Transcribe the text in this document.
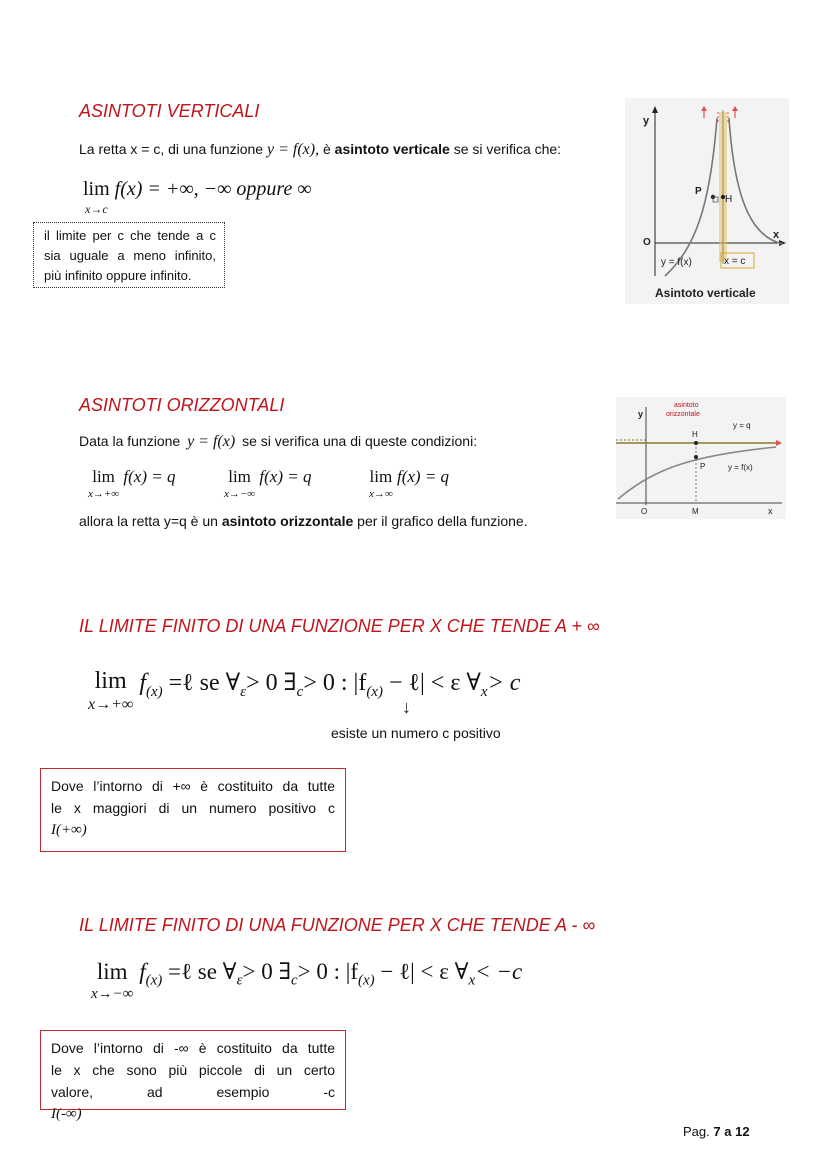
ASINTOTI VERTICALI
La retta x = c, di una funzione y = f(x), è asintoto verticale se si verifica che:
lim
x→c
f(x) = +∞, −∞ oppure ∞
il limite per c che tende a c
sia uguale a meno infinito,
più infinito oppure infinito.
P
H
y
x
O
y = f(x)	x = c
Asintoto verticale
ASINTOTI ORIZZONTALI
Data la funzione y = f(x) se si verifica una di queste condizioni:
lim
x→+∞
f(x) = q	lim
x→−∞
f(x) = q	lim
x→∞
f(x) = q
allora la retta y=q è un asintoto orizzontale per il grafico della funzione.
asintoto
orizzontale
y
x
O
H
P
M
y = q
y = f(x)
IL LIMITE FINITO DI UNA FUNZIONE PER X CHE TENDE A + ∞
lim
x→+∞
$f_{(x)}$ =ℓ se $\forall_\varepsilon> 0$ $\exists_c> 0$ : $|f_{(x)}$ − ℓ| < ε $\forall_x> c$
↓
esiste un numero c positivo
Dove l’intorno di +∞ è costituito da tutte
le x maggiori di un numero positivo c
I(+∞)
IL LIMITE FINITO DI UNA FUNZIONE PER X CHE TENDE A - ∞
lim
x→−∞
$f_{(x)}$ =ℓ se $\forall_\varepsilon> 0$ $\exists_c> 0$ : $|f_{(x)}$ − ℓ| < ε $\forall_x< -c$
Dove l’intorno di -∞ è costituito da tutte
le x che sono più piccole di un certo
valore, ad esempio -c
I(-∞)
Pag. 7 a 12
